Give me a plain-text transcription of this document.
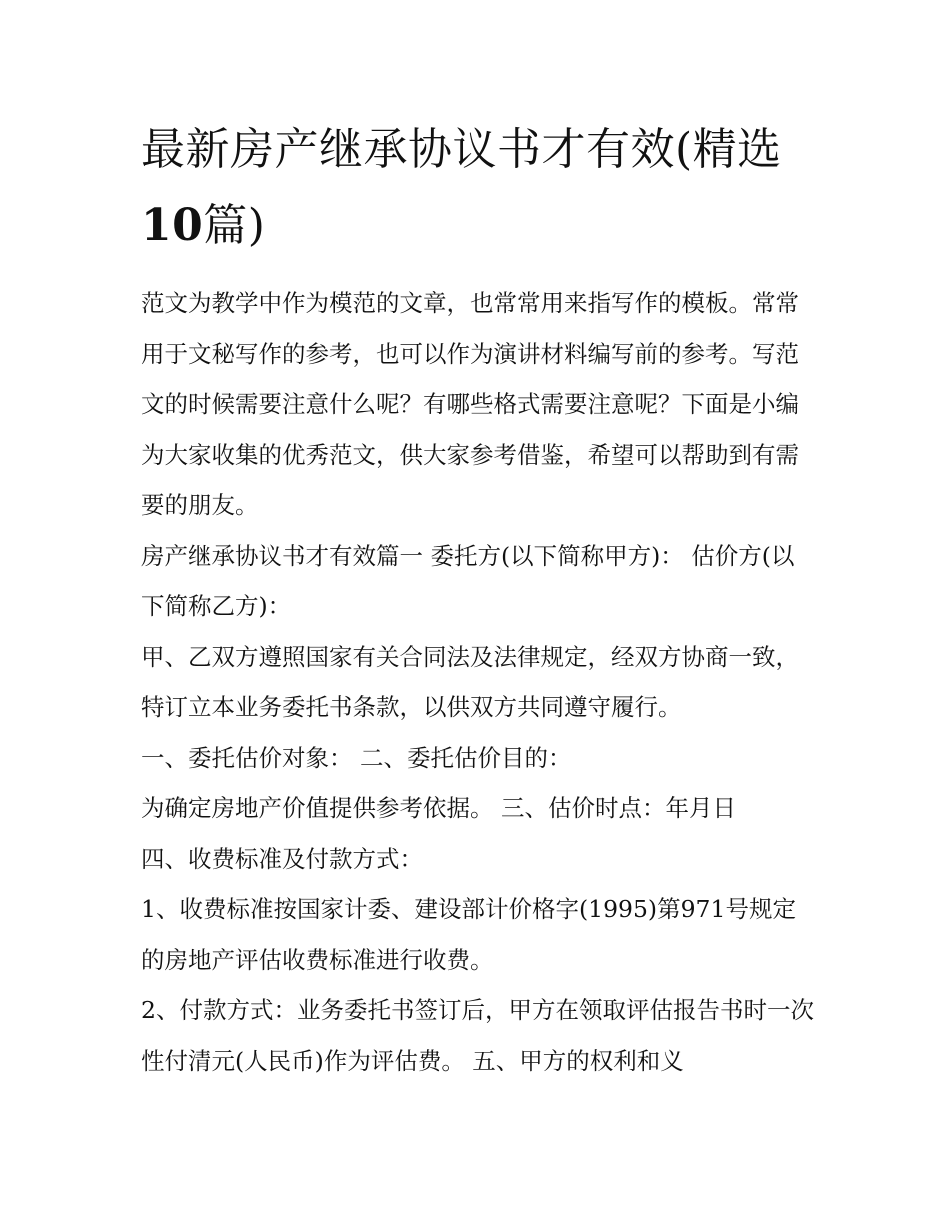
最新房产继承协议书才有效(精选10篇)

范文为教学中作为模范的文章，也常常用来指写作的模板。常常用于文秘写作的参考，也可以作为演讲材料编写前的参考。写范文的时候需要注意什么呢？有哪些格式需要注意呢？下面是小编为大家收集的优秀范文，供大家参考借鉴，希望可以帮助到有需要的朋友。

房产继承协议书才有效篇一 委托方(以下简称甲方)： 估价方(以下简称乙方)：

甲、乙双方遵照国家有关合同法及法律规定，经双方协商一致，特订立本业务委托书条款，以供双方共同遵守履行。

一、委托估价对象： 二、委托估价目的：

为确定房地产价值提供参考依据。 三、估价时点：年月日

四、收费标准及付款方式：

1、收费标准按国家计委、建设部计价格字(1995)第971号规定的房地产评估收费标准进行收费。

2、付款方式：业务委托书签订后，甲方在领取评估报告书时一次性付清元(人民币)作为评估费。 五、甲方的权利和义
